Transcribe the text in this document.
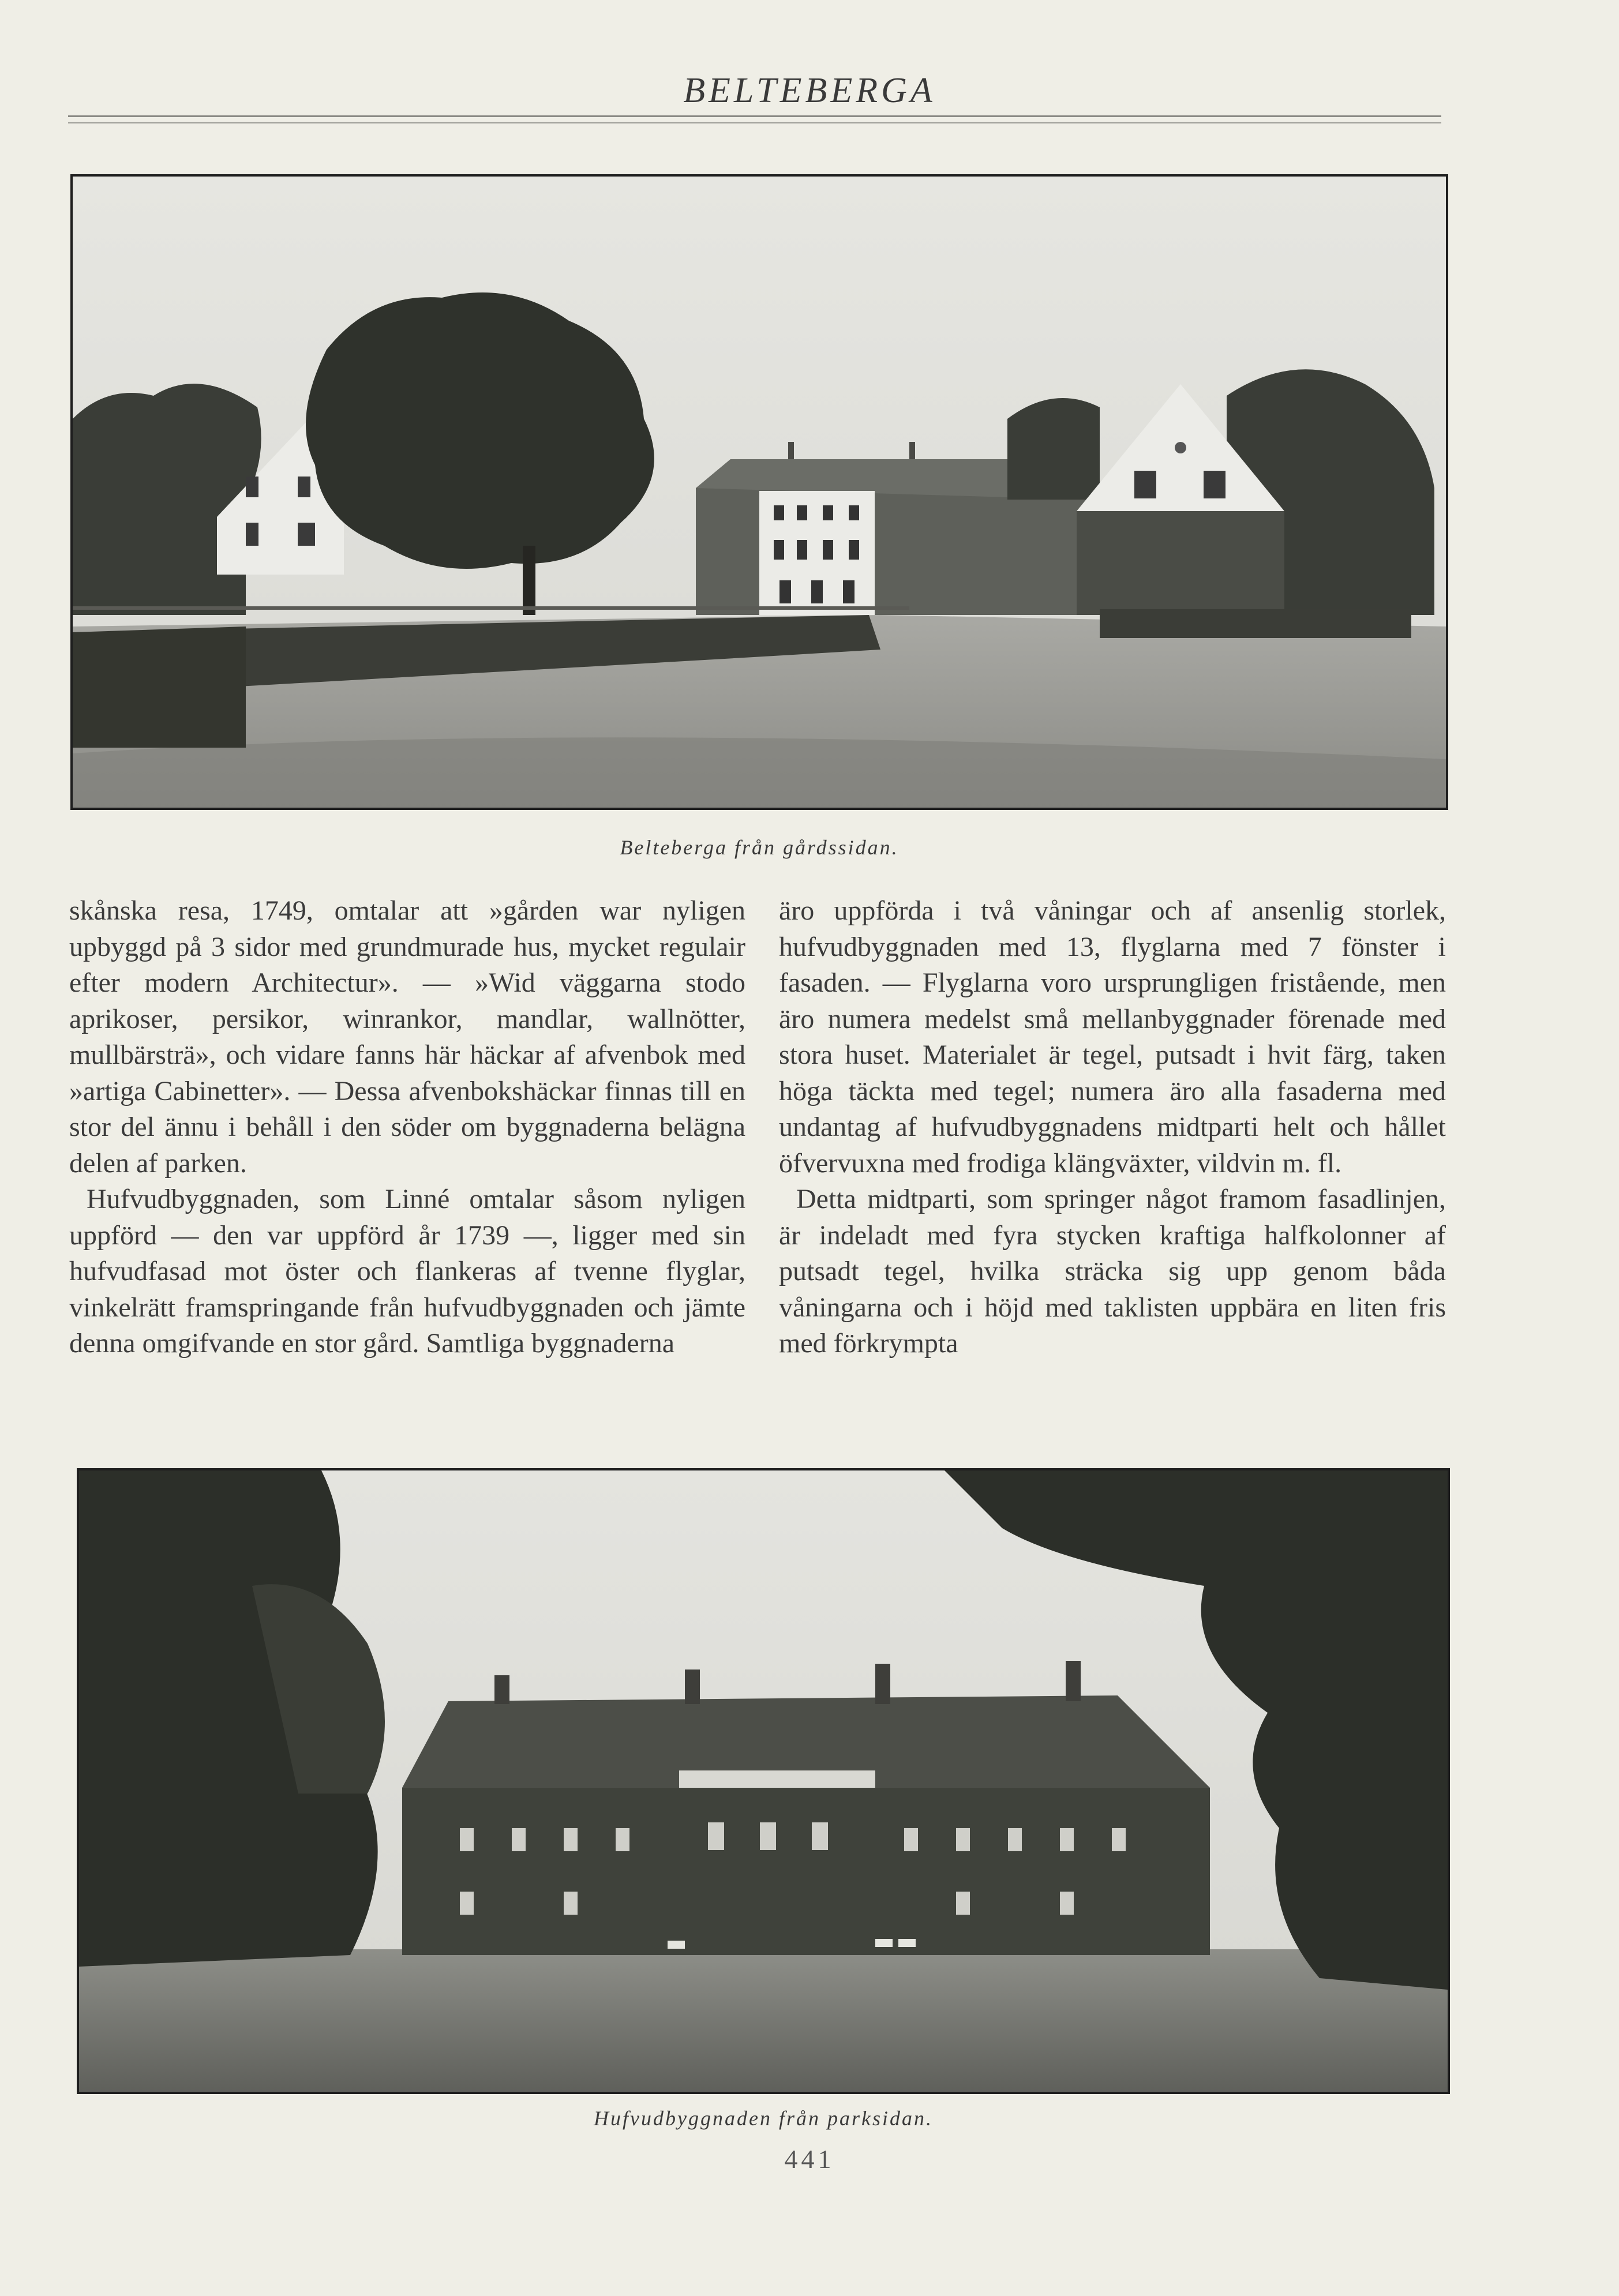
BELTEBERGA
Belteberga från gårdssidan.

skånska resa, 1749, omtalar att »gården war nyligen upbyggd på 3 sidor med grundmurade hus, mycket regulair efter modern Architectur». — »Wid väggarna stodo aprikoser, persikor, winrankor, mandlar, wallnötter, mullbärsträ», och vidare fanns här häckar af afvenbok med »artiga Cabinetter». — Dessa afvenbokshäckar finnas till en stor del ännu i behåll i den söder om byggnaderna belägna delen af parken.

Hufvudbyggnaden, som Linné omtalar såsom nyligen uppförd — den var uppförd år 1739 —, ligger med sin hufvudfasad mot öster och flankeras af tvenne flyglar, vinkelrätt framspringande från hufvudbyggnaden och jämte denna omgifvande en stor gård. Samtliga byggnaderna

äro uppförda i två våningar och af ansenlig storlek, hufvudbyggnaden med 13, flyglarna med 7 fönster i fasaden. — Flyglarna voro ursprungligen fristående, men äro numera medelst små mellanbyggnader förenade med stora huset. Materialet är tegel, putsadt i hvit färg, taken höga täckta med tegel; numera äro alla fasaderna med undantag af hufvudbyggnadens midtparti helt och hållet öfvervuxna med frodiga klängväxter, vildvin m. fl.

Detta midtparti, som springer något framom fasadlinjen, är indeladt med fyra stycken kraftiga halfkolonner af putsadt tegel, hvilka sträcka sig upp genom båda våningarna och i höjd med taklisten uppbära en liten fris med förkrympta

Hufvudbyggnaden från parksidan.
441
